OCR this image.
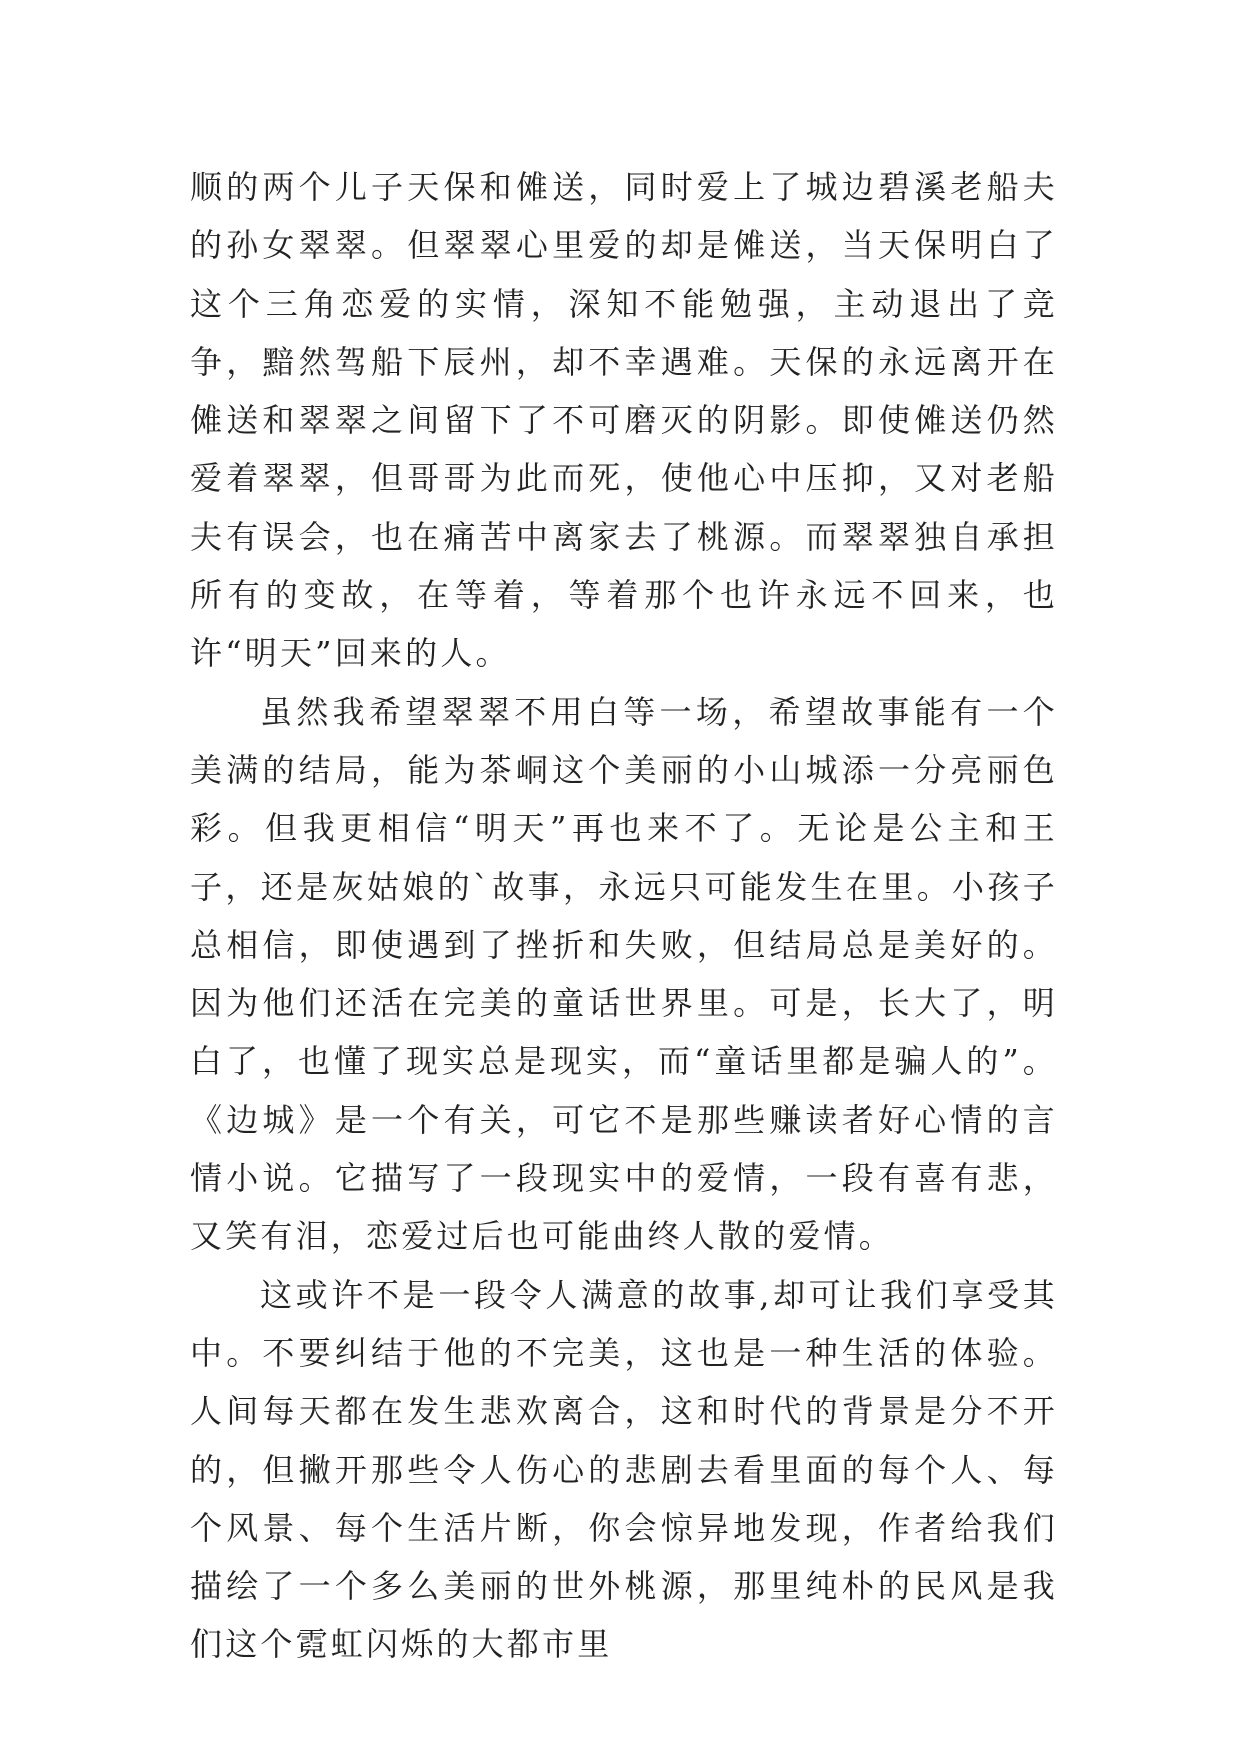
顺的两个儿子天保和傩送，同时爱上了城边碧溪老船夫的孙女翠翠。但翠翠心里爱的却是傩送，当天保明白了这个三角恋爱的实情，深知不能勉强，主动退出了竞争，黯然驾船下辰州，却不幸遇难。天保的永远离开在傩送和翠翠之间留下了不可磨灭的阴影。即使傩送仍然爱着翠翠，但哥哥为此而死，使他心中压抑，又对老船夫有误会，也在痛苦中离家去了桃源。而翠翠独自承担所有的变故，在等着，等着那个也许永远不回来，也许“明天”回来的人。

虽然我希望翠翠不用白等一场，希望故事能有一个美满的结局，能为茶峒这个美丽的小山城添一分亮丽色彩。但我更相信“明天”再也来不了。无论是公主和王子，还是灰姑娘的`故事，永远只可能发生在里。小孩子总相信，即使遇到了挫折和失败，但结局总是美好的。因为他们还活在完美的童话世界里。可是，长大了，明白了，也懂了现实总是现实，而“童话里都是骗人的”。《边城》是一个有关，可它不是那些赚读者好心情的言情小说。它描写了一段现实中的爱情，一段有喜有悲，又笑有泪，恋爱过后也可能曲终人散的爱情。

这或许不是一段令人满意的故事,却可让我们享受其中。不要纠结于他的不完美，这也是一种生活的体验。人间每天都在发生悲欢离合，这和时代的背景是分不开的，但撇开那些令人伤心的悲剧去看里面的每个人、每个风景、每个生活片断，你会惊异地发现，作者给我们描绘了一个多么美丽的世外桃源，那里纯朴的民风是我们这个霓虹闪烁的大都市里
